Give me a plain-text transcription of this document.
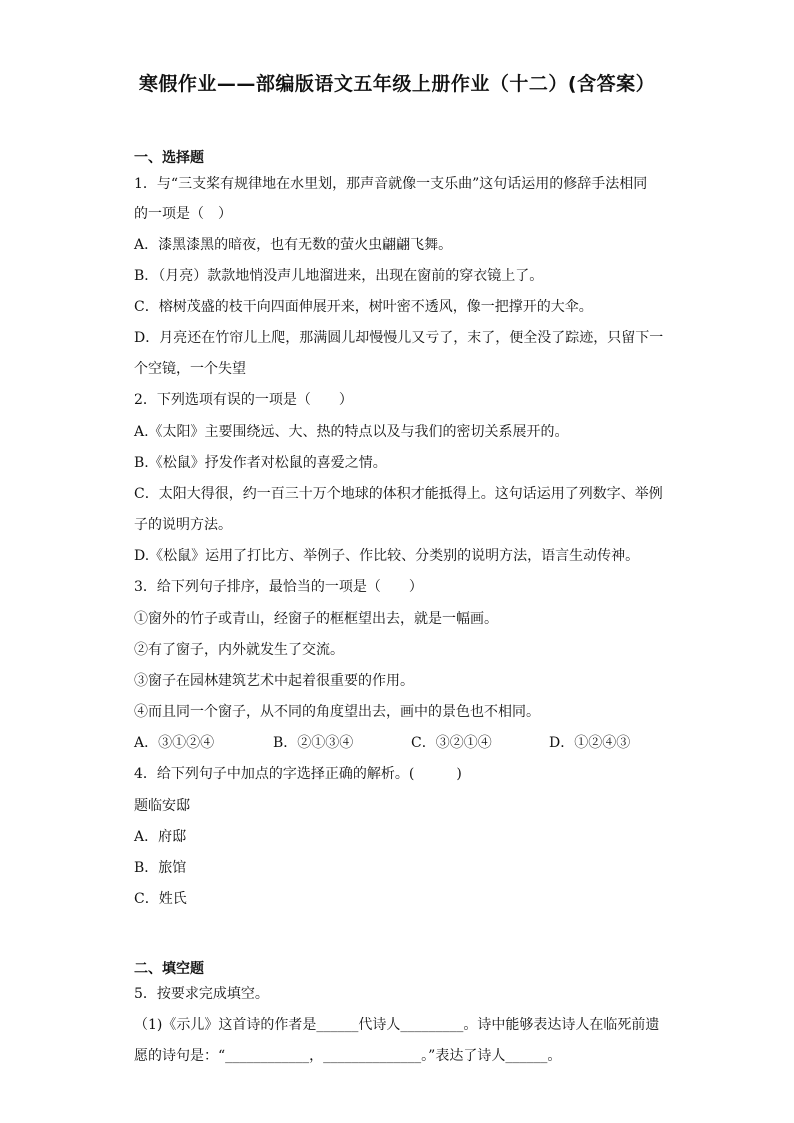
寒假作业——部编版语文五年级上册作业（十二）(含答案）
一、选择题
1．与“三支桨有规律地在水里划，那声音就像一支乐曲”这句话运用的修辞手法相同
的一项是（　）
A．漆黑漆黑的暗夜，也有无数的萤火虫翩翩飞舞。
B．（月亮）款款地悄没声儿地溜进来，出现在窗前的穿衣镜上了。
C．榕树茂盛的枝干向四面伸展开来，树叶密不透风，像一把撑开的大伞。
D．月亮还在竹帘儿上爬，那满圆儿却慢慢儿又亏了，末了，便全没了踪迹，只留下一
个空镜，一个失望
2．下列选项有误的一项是（　　）
A.《太阳》主要围绕远、大、热的特点以及与我们的密切关系展开的。
B.《松鼠》抒发作者对松鼠的喜爱之情。
C．太阳大得很，约一百三十万个地球的体积才能抵得上。这句话运用了列数字、举例
子的说明方法。
D.《松鼠》运用了打比方、举例子、作比较、分类别的说明方法，语言生动传神。
3．给下列句子排序，最恰当的一项是（　　）
①窗外的竹子或青山，经窗子的框框望出去，就是一幅画。
②有了窗子，内外就发生了交流。
③窗子在园林建筑艺术中起着很重要的作用。
④而且同一个窗子，从不同的角度望出去，画中的景色也不相同。
A．③①②④	B．②①③④	C．③②①④	D．①②④③
4．给下列句子中加点的字选择正确的解析。(　　　)
题临安邸
A．府邸
B．旅馆
C．姓氏
二、填空题
5．按要求完成填空。
（1)《示儿》这首诗的作者是______代诗人_________。诗中能够表达诗人在临死前遗
愿的诗句是：“____________，______________。”表达了诗人______。
